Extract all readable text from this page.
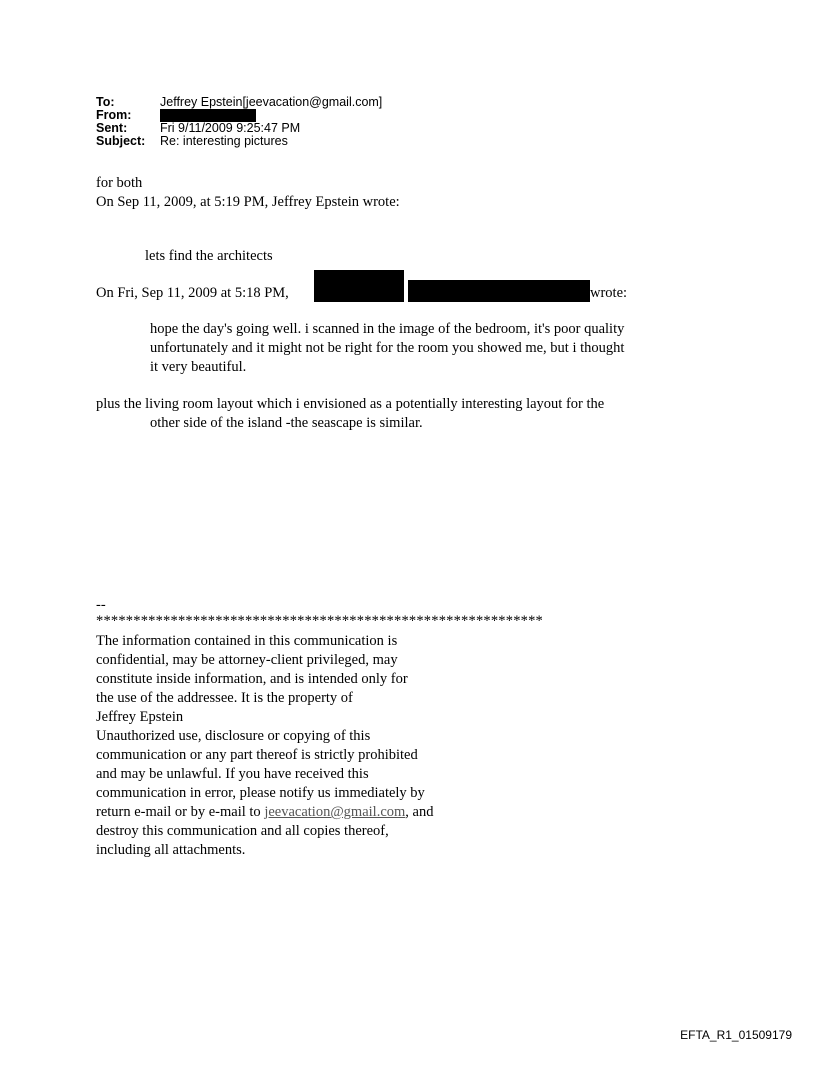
To:	Jeffrey Epstein[jeevacation@gmail.com]
From:
Sent:	Fri 9/11/2009 9:25:47 PM
Subject:	Re: interesting pictures
for both
On Sep 11, 2009, at 5:19 PM, Jeffrey Epstein wrote:
lets find the architects
On Fri, Sep 11, 2009 at 5:18 PM,	wrote:
hope the day's going well. i scanned in the image of the bedroom, it's poor quality
unfortunately and it might not be right for the room you showed me, but i thought
it very beautiful.
plus the living room layout which i envisioned as a potentially interesting layout for the
other side of the island -the seascape is similar.
--
************************************************************
The information contained in this communication is
confidential, may be attorney-client privileged, may
constitute inside information, and is intended only for
the use of the addressee. It is the property of
Jeffrey Epstein
Unauthorized use, disclosure or copying of this
communication or any part thereof is strictly prohibited
and may be unlawful. If you have received this
communication in error, please notify us immediately by
return e-mail or by e-mail to jeevacation@gmail.com, and
destroy this communication and all copies thereof,
including all attachments.
EFTA_R1_01509179
